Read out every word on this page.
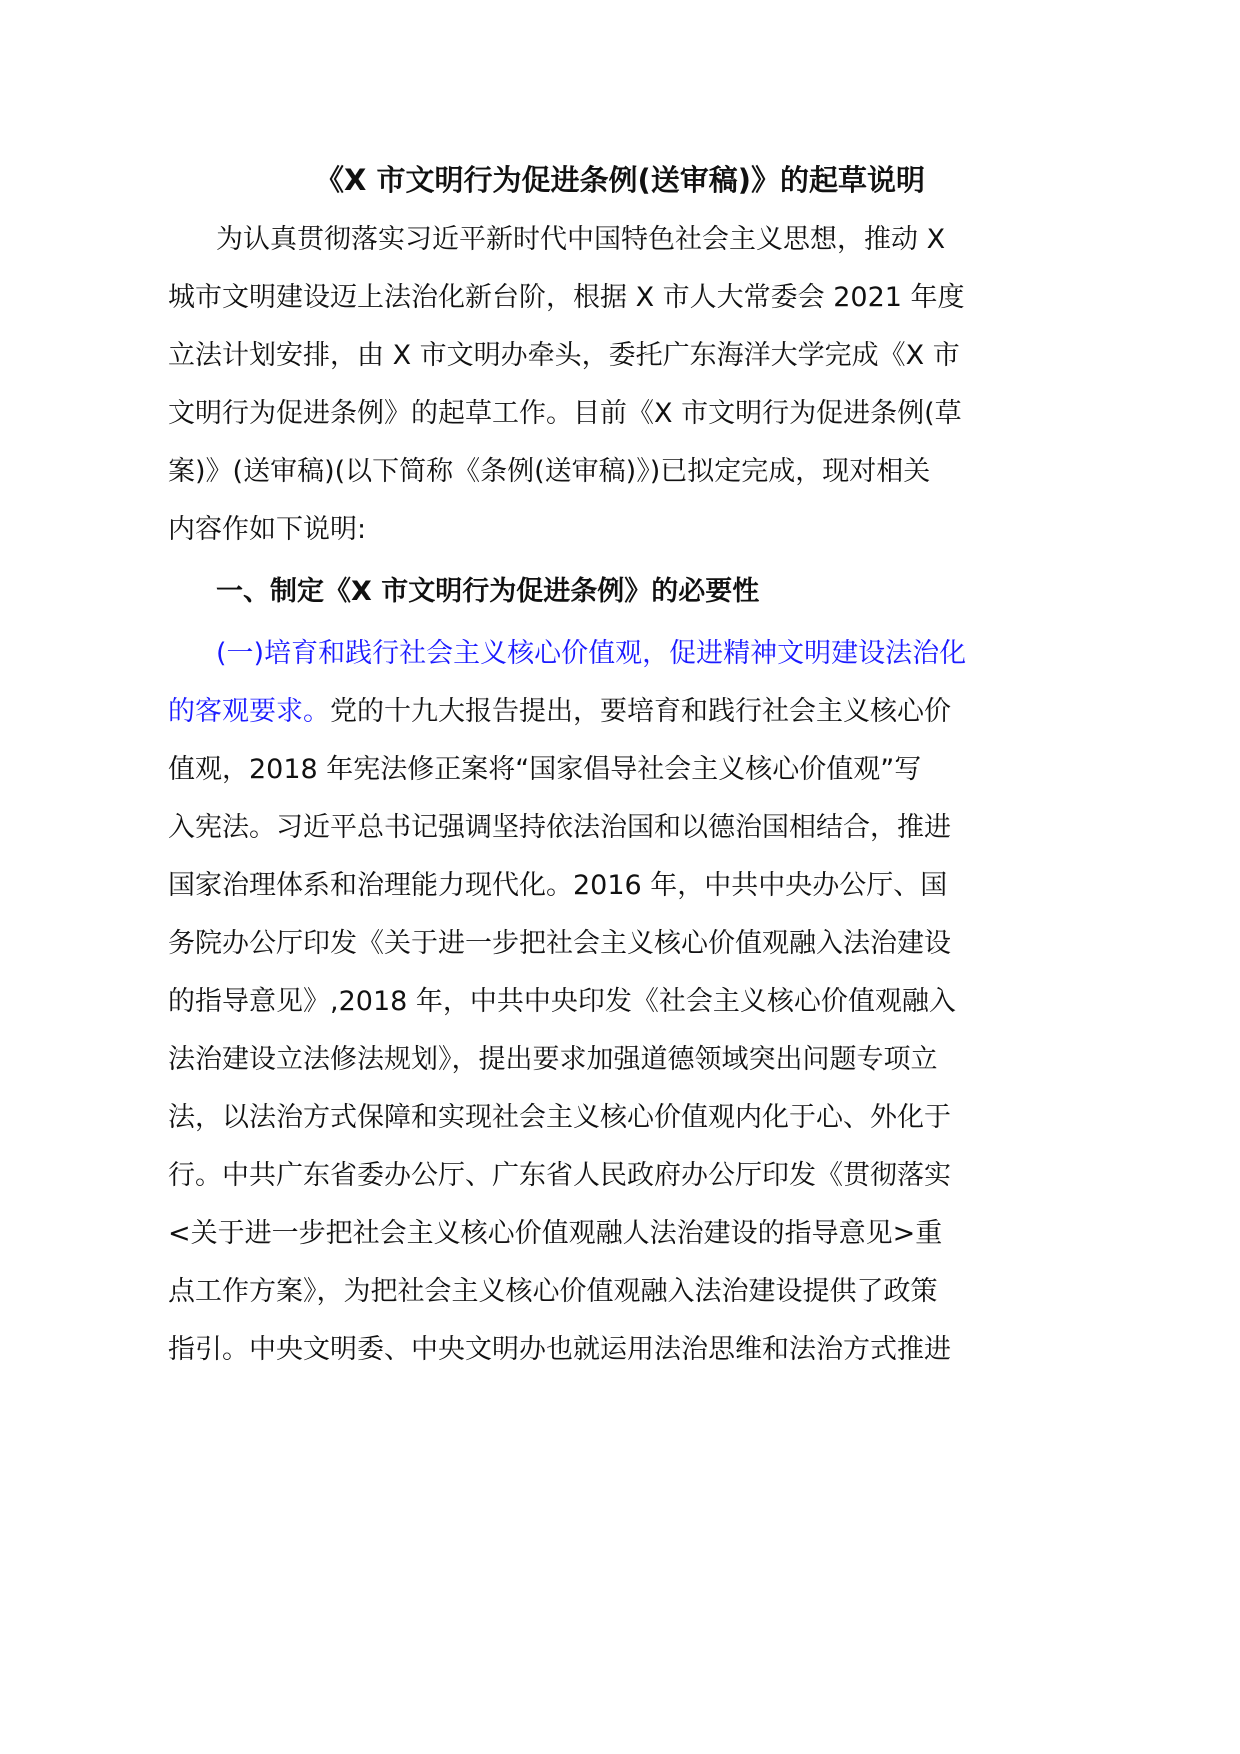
《X 市文明行为促进条例(送审稿)》的起草说明
为认真贯彻落实习近平新时代中国特色社会主义思想，推动 X
城市文明建设迈上法治化新台阶，根据 X 市人大常委会 2021 年度
立法计划安排，由 X 市文明办牵头，委托广东海洋大学完成《X 市
文明行为促进条例》的起草工作。目前《X 市文明行为促进条例(草
案)》(送审稿)(以下简称《条例(送审稿)》)已拟定完成，现对相关
内容作如下说明:
一、制定《X 市文明行为促进条例》的必要性
(一)培育和践行社会主义核心价值观，促进精神文明建设法治化
的客观要求。党的十九大报告提出，要培育和践行社会主义核心价
值观，2018 年宪法修正案将“国家倡导社会主义核心价值观”写
入宪法。习近平总书记强调坚持依法治国和以德治国相结合，推进
国家治理体系和治理能力现代化。2016 年，中共中央办公厅、国
务院办公厅印发《关于进一步把社会主义核心价值观融入法治建设
的指导意见》,2018 年，中共中央印发《社会主义核心价值观融入
法治建设立法修法规划》，提出要求加强道德领域突出问题专项立
法，以法治方式保障和实现社会主义核心价值观内化于心、外化于
行。中共广东省委办公厅、广东省人民政府办公厅印发《贯彻落实
<关于进一步把社会主义核心价值观融人法治建设的指导意见>重
点工作方案》，为把社会主义核心价值观融入法治建设提供了政策
指引。中央文明委、中央文明办也就运用法治思维和法治方式推进
